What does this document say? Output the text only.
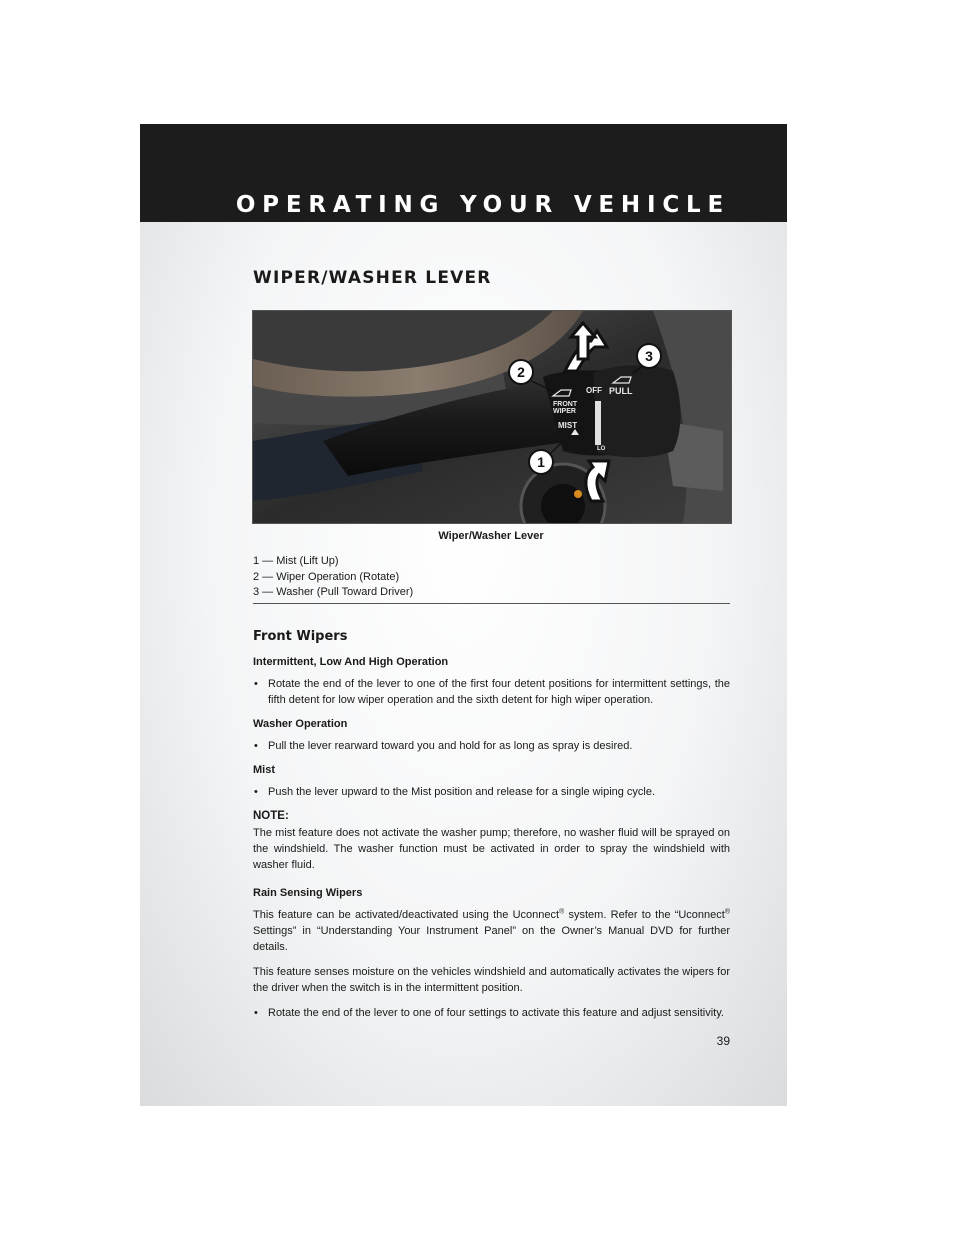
OPERATING YOUR VEHICLE
WIPER/WASHER LEVER
FRONT
WIPER
OFF PULL
MIST
LO
1
2
3
Wiper/Washer Lever
1 — Mist (Lift Up)
2 — Wiper Operation (Rotate)
3 — Washer (Pull Toward Driver)
Front Wipers
Intermittent, Low And High Operation
• Rotate the end of the lever to one of the first four detent positions for intermittent settings, the fifth detent for low wiper operation and the sixth detent for high wiper operation.
Washer Operation
• Pull the lever rearward toward you and hold for as long as spray is desired.
Mist
• Push the lever upward to the Mist position and release for a single wiping cycle.
NOTE:
The mist feature does not activate the washer pump; therefore, no washer fluid will be sprayed on the windshield. The washer function must be activated in order to spray the windshield with washer fluid.
Rain Sensing Wipers
This feature can be activated/deactivated using the Uconnect® system. Refer to the “Uconnect® Settings” in “Understanding Your Instrument Panel” on the Owner’s Manual DVD for further details.
This feature senses moisture on the vehicles windshield and automatically activates the wipers for the driver when the switch is in the intermittent position.
• Rotate the end of the lever to one of four settings to activate this feature and adjust sensitivity.
39
